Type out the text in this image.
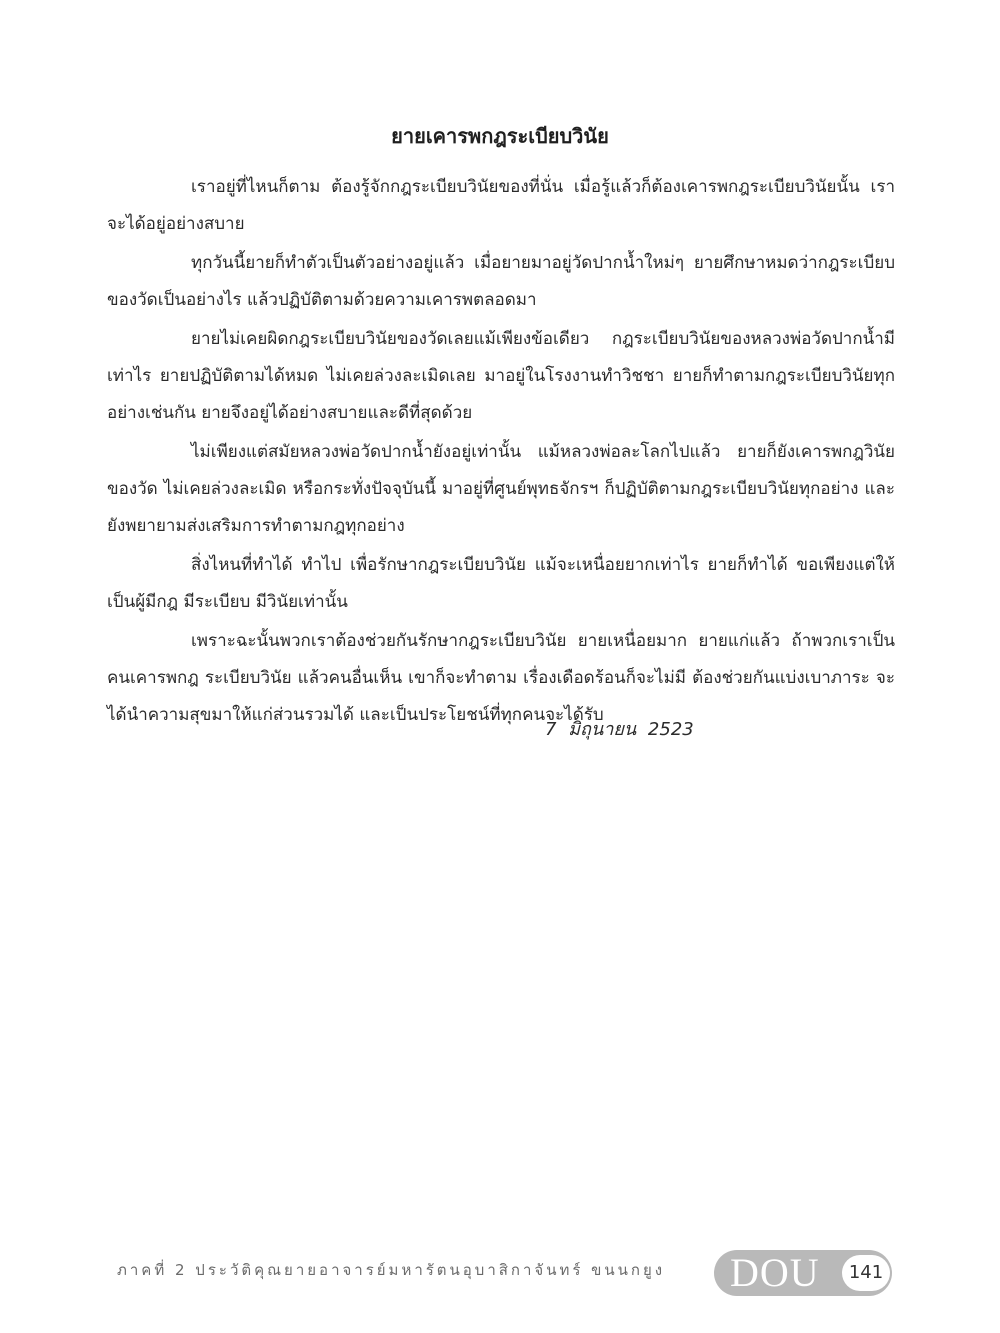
ยายเคารพกฎระเบียบวินัย

เราอยู่ที่ไหนก็ตาม ต้องรู้จักกฎระเบียบวินัยของที่นั่น เมื่อรู้แล้วก็ต้องเคารพกฎระเบียบวินัยนั้น เราจะได้อยู่อย่างสบาย

ทุกวันนี้ยายก็ทำตัวเป็นตัวอย่างอยู่แล้ว เมื่อยายมาอยู่วัดปากน้ำใหม่ๆ ยายศึกษาหมดว่ากฎระเบียบของวัดเป็นอย่างไร แล้วปฏิบัติตามด้วยความเคารพตลอดมา

ยายไม่เคยผิดกฎระเบียบวินัยของวัดเลยแม้เพียงข้อเดียว กฎระเบียบวินัยของหลวงพ่อวัดปากน้ำมีเท่าไร ยายปฏิบัติตามได้หมด ไม่เคยล่วงละเมิดเลย มาอยู่ในโรงงานทำวิชชา ยายก็ทำตามกฎระเบียบวินัยทุกอย่างเช่นกัน ยายจึงอยู่ได้อย่างสบายและดีที่สุดด้วย

ไม่เพียงแต่สมัยหลวงพ่อวัดปากน้ำยังอยู่เท่านั้น แม้หลวงพ่อละโลกไปแล้ว ยายก็ยังเคารพกฎวินัยของวัด ไม่เคยล่วงละเมิด หรือกระทั่งปัจจุบันนี้ มาอยู่ที่ศูนย์พุทธจักรฯ ก็ปฏิบัติตามกฎระเบียบวินัยทุกอย่าง และยังพยายามส่งเสริมการทำตามกฎทุกอย่าง

สิ่งไหนที่ทำได้ ทำไป เพื่อรักษากฎระเบียบวินัย แม้จะเหนื่อยยากเท่าไร ยายก็ทำได้ ขอเพียงแต่ให้เป็นผู้มีกฎ มีระเบียบ มีวินัยเท่านั้น

เพราะฉะนั้นพวกเราต้องช่วยกันรักษากฎระเบียบวินัย ยายเหนื่อยมาก ยายแก่แล้ว ถ้าพวกเราเป็นคนเคารพกฎ ระเบียบวินัย แล้วคนอื่นเห็น เขาก็จะทำตาม เรื่องเดือดร้อนก็จะไม่มี ต้องช่วยกันแบ่งเบาภาระ จะได้นำความสุขมาให้แก่ส่วนรวมได้ และเป็นประโยชน์ที่ทุกคนจะได้รับ

7 มิถุนายน 2523
ภาคที่ 2 ประวัติคุณยายอาจารย์มหารัตนอุบาสิกาจันทร์ ขนนกยูง DOU	141
